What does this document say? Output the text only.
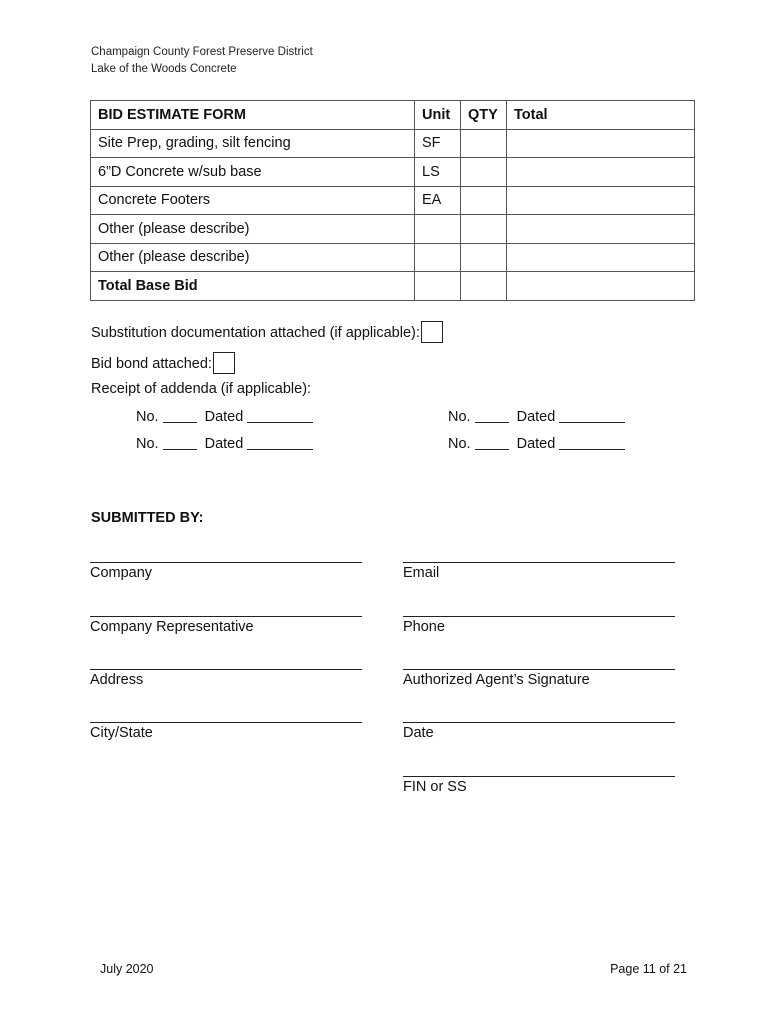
Champaign County Forest Preserve District
Lake of the Woods Concrete
BID ESTIMATE FORM	Unit	QTY	Total
Site Prep, grading, silt fencing	SF		
6”D Concrete w/sub base	LS		
Concrete Footers	EA		
Other (please describe)			
Other (please describe)			
Total Base Bid			
Substitution documentation attached (if applicable):
Bid bond attached:
Receipt of addenda (if applicable):
No.	Dated	No.	Dated
No.	Dated	No.	Dated
SUBMITTED BY:
Company	Email
Company Representative	Phone
Address	Authorized Agent’s Signature
City/State	Date
FIN or SS
July 2020	Page 11 of 21
